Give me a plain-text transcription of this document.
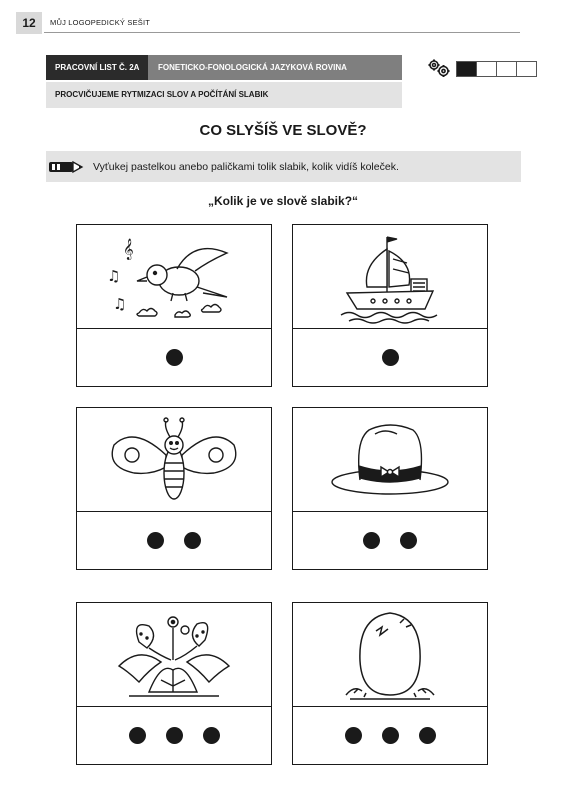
12	MŮJ LOGOPEDICKÝ SEŠIT
PRACOVNÍ LIST Č. 2A	FONETICKO-FONOLOGICKÁ JAZYKOVÁ ROVINA
PROCVIČUJEME RYTMIZACI SLOV A POČÍTÁNÍ SLABIK
CO SLYŠÍŠ VE SLOVĚ?
Vyťukej pastelkou anebo paličkami tolik slabik, kolik vidíš koleček.
„Kolik je ve slově slabik?“
𝄞
♫
♫
